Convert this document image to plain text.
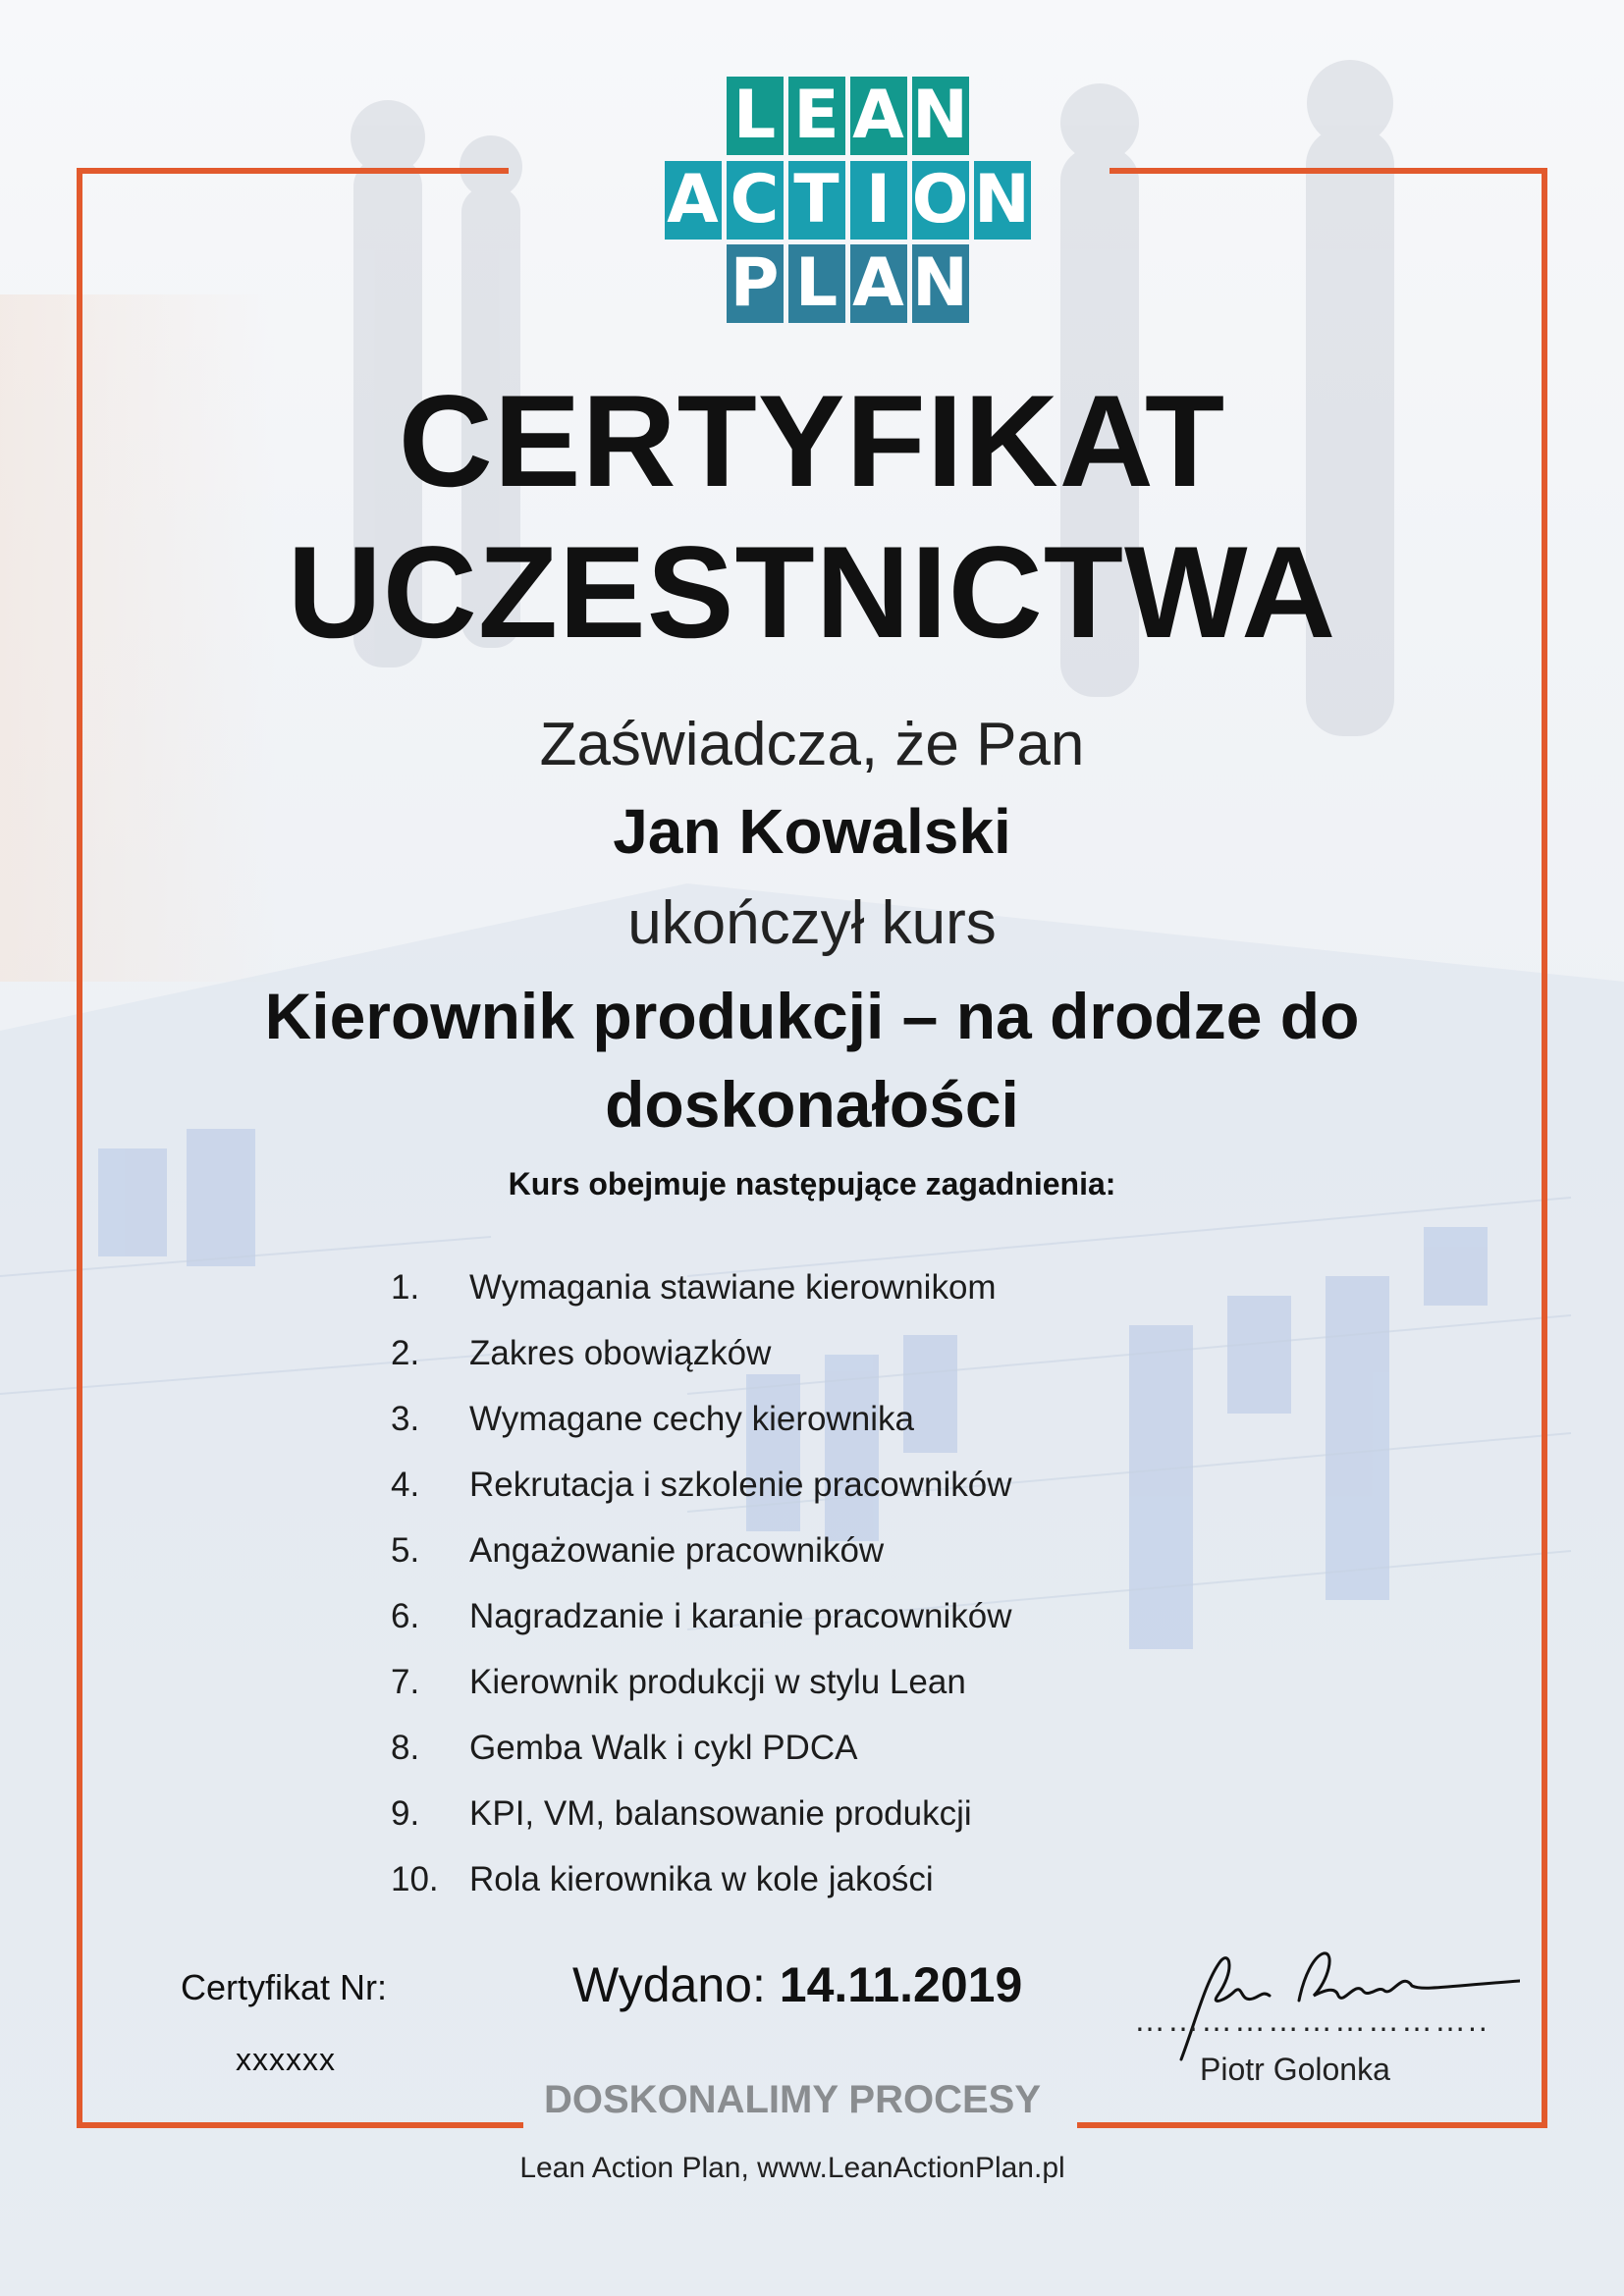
L E A N
A C T I O N
P L A N
CERTYFIKAT
UCZESTNICTWA
Zaświadcza, że Pan
Jan Kowalski
ukończył kurs
Kierownik produkcji – na drodze do
doskonałości
Kurs obejmuje następujące zagadnienia:
1.	Wymagania stawiane kierownikom
2.	Zakres obowiązków
3.	Wymagane cechy kierownika
4.	Rekrutacja i szkolenie pracowników
5.	Angażowanie pracowników
6.	Nagradzanie i karanie pracowników
7.	Kierownik produkcji w stylu Lean
8.	Gemba Walk i cykl PDCA
9.	KPI, VM, balansowanie produkcji
10. Rola kierownika w kole jakości
Certyfikat Nr:
xxxxxx
Wydano: 14.11.2019
…………………………..
Piotr Golonka
DOSKONALIMY PROCESY
Lean Action Plan, www.LeanActionPlan.pl
